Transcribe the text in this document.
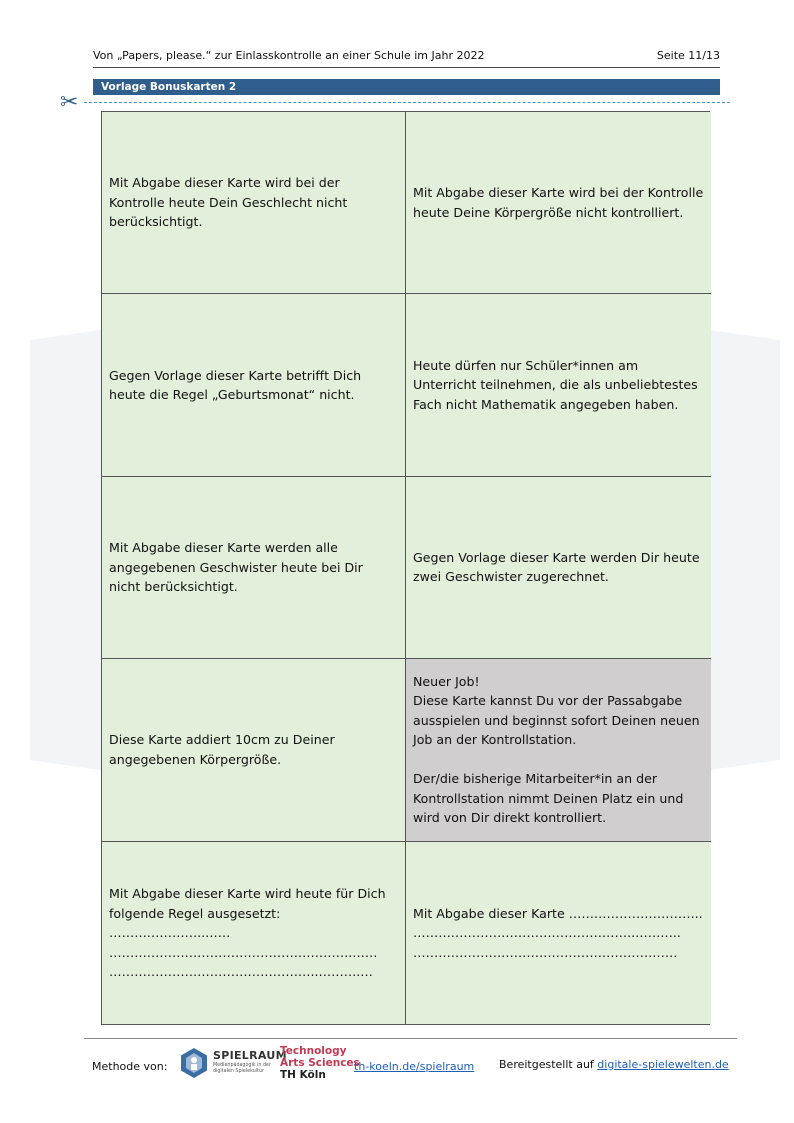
Von „Papers, please.“ zur Einlasskontrolle an einer Schule im Jahr 2022	Seite 11/13
Vorlage Bonuskarten 2
✂
Mit Abgabe dieser Karte wird bei der Kontrolle heute Dein Geschlecht nicht berücksichtigt.
Mit Abgabe dieser Karte wird bei der Kontrolle heute Deine Körpergröße nicht kontrolliert.
Gegen Vorlage dieser Karte betrifft Dich heute die Regel „Geburtsmonat“ nicht.
Heute dürfen nur Schüler*innen am Unterricht teilnehmen, die als unbeliebtestes Fach nicht Mathematik angegeben haben.
Mit Abgabe dieser Karte werden alle angegebenen Geschwister heute bei Dir nicht berücksichtigt.
Gegen Vorlage dieser Karte werden Dir heute zwei Geschwister zugerechnet.
Diese Karte addiert 10cm zu Deiner angegebenen Körpergröße.
Neuer Job!
Diese Karte kannst Du vor der Passabgabe ausspielen und beginnst sofort Deinen neuen Job an der Kontrollstation.

Der/die bisherige Mitarbeiter*in an der Kontrollstation nimmt Deinen Platz ein und wird von Dir direkt kontrolliert.
Mit Abgabe dieser Karte wird heute für Dich folgende Regel ausgesetzt: …………………..……
………………………………………………….……
…………………………………………..……….…
Mit Abgabe dieser Karte …………………………..
……………………………………………..………..
………………………………………………………
Methode von:
SPIELRAUM
Medienpädagogik in der digitalen Spielekultur
Technology
Arts Sciences
TH Köln
th-koeln.de/spielraum Bereitgestellt auf digitale-spielewelten.de
